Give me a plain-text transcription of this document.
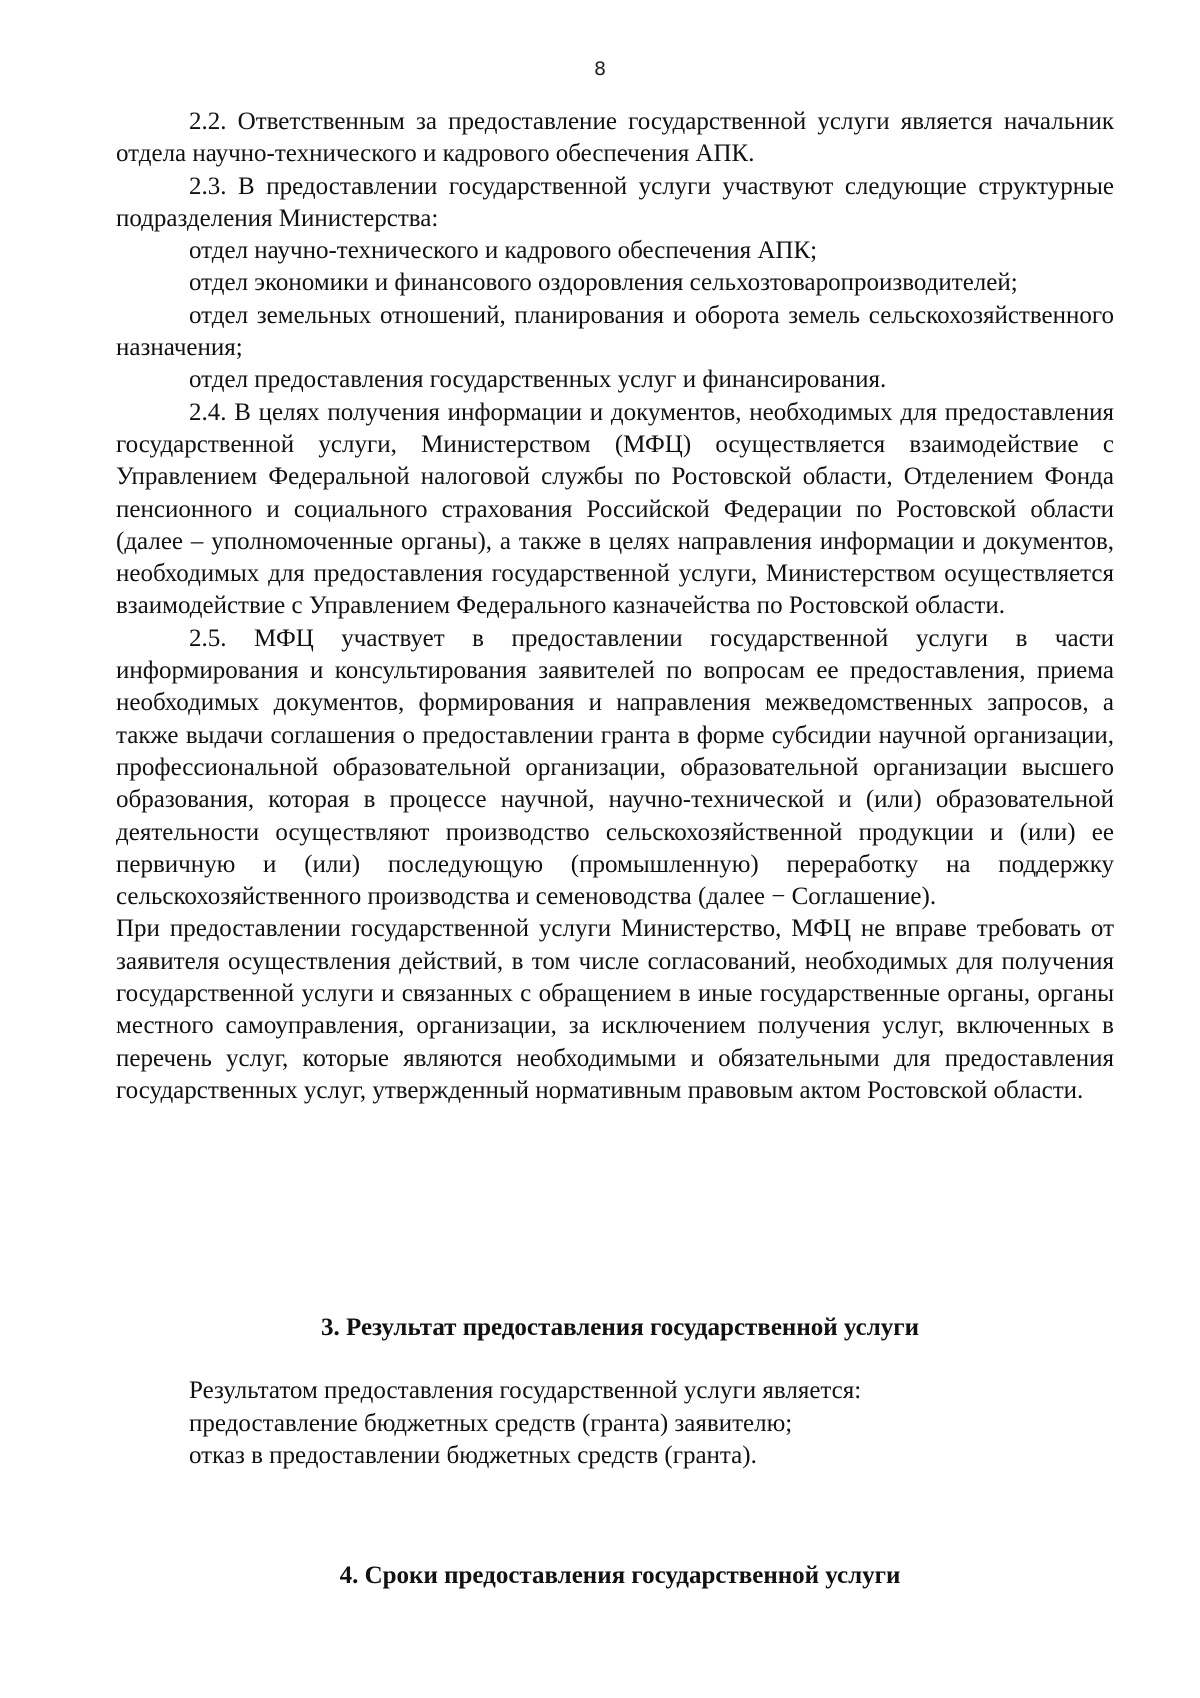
8

2.2. Ответственным за предоставление государственной услуги является начальник отдела научно-технического и кадрового обеспечения АПК.

2.3. В предоставлении государственной услуги участвуют следующие структурные подразделения Министерства:

отдел научно-технического и кадрового обеспечения АПК;

отдел экономики и финансового оздоровления сельхозтоваропроизводителей;

отдел земельных отношений, планирования и оборота земель сельскохозяйственного назначения;

отдел предоставления государственных услуг и финансирования.

2.4. В целях получения информации и документов, необходимых для предоставления государственной услуги, Министерством (МФЦ) осуществляется взаимодействие с Управлением Федеральной налоговой службы по Ростовской области, Отделением Фонда пенсионного и социального страхования Российской Федерации по Ростовской области (далее – уполномоченные органы), а также в целях направления информации и документов, необходимых для предоставления государственной услуги, Министерством осуществляется взаимодействие с Управлением Федерального казначейства по Ростовской области.

2.5. МФЦ участвует в предоставлении государственной услуги в части информирования и консультирования заявителей по вопросам ее предоставления, приема необходимых документов, формирования и направления межведомственных запросов, а также выдачи соглашения о предоставлении гранта в форме субсидии научной организации, профессиональной образовательной организации, образовательной организации высшего образования, которая в процессе научной, научно-технической и (или) образовательной деятельности осуществляют производство сельскохозяйственной продукции и (или) ее первичную и (или) последующую (промышленную) переработку на поддержку сельскохозяйственного производства и семеноводства (далее − Соглашение).

При предоставлении государственной услуги Министерство, МФЦ не вправе требовать от заявителя осуществления действий, в том числе согласований, необходимых для получения государственной услуги и связанных с обращением в иные государственные органы, органы местного самоуправления, организации, за исключением получения услуг, включенных в перечень услуг, которые являются необходимыми и обязательными для предоставления государственных услуг, утвержденный нормативным правовым актом Ростовской области.

3. Результат предоставления государственной услуги
Результатом предоставления государственной услуги является:
предоставление бюджетных средств (гранта) заявителю;
отказ в предоставлении бюджетных средств (гранта).
4. Сроки предоставления государственной услуги
